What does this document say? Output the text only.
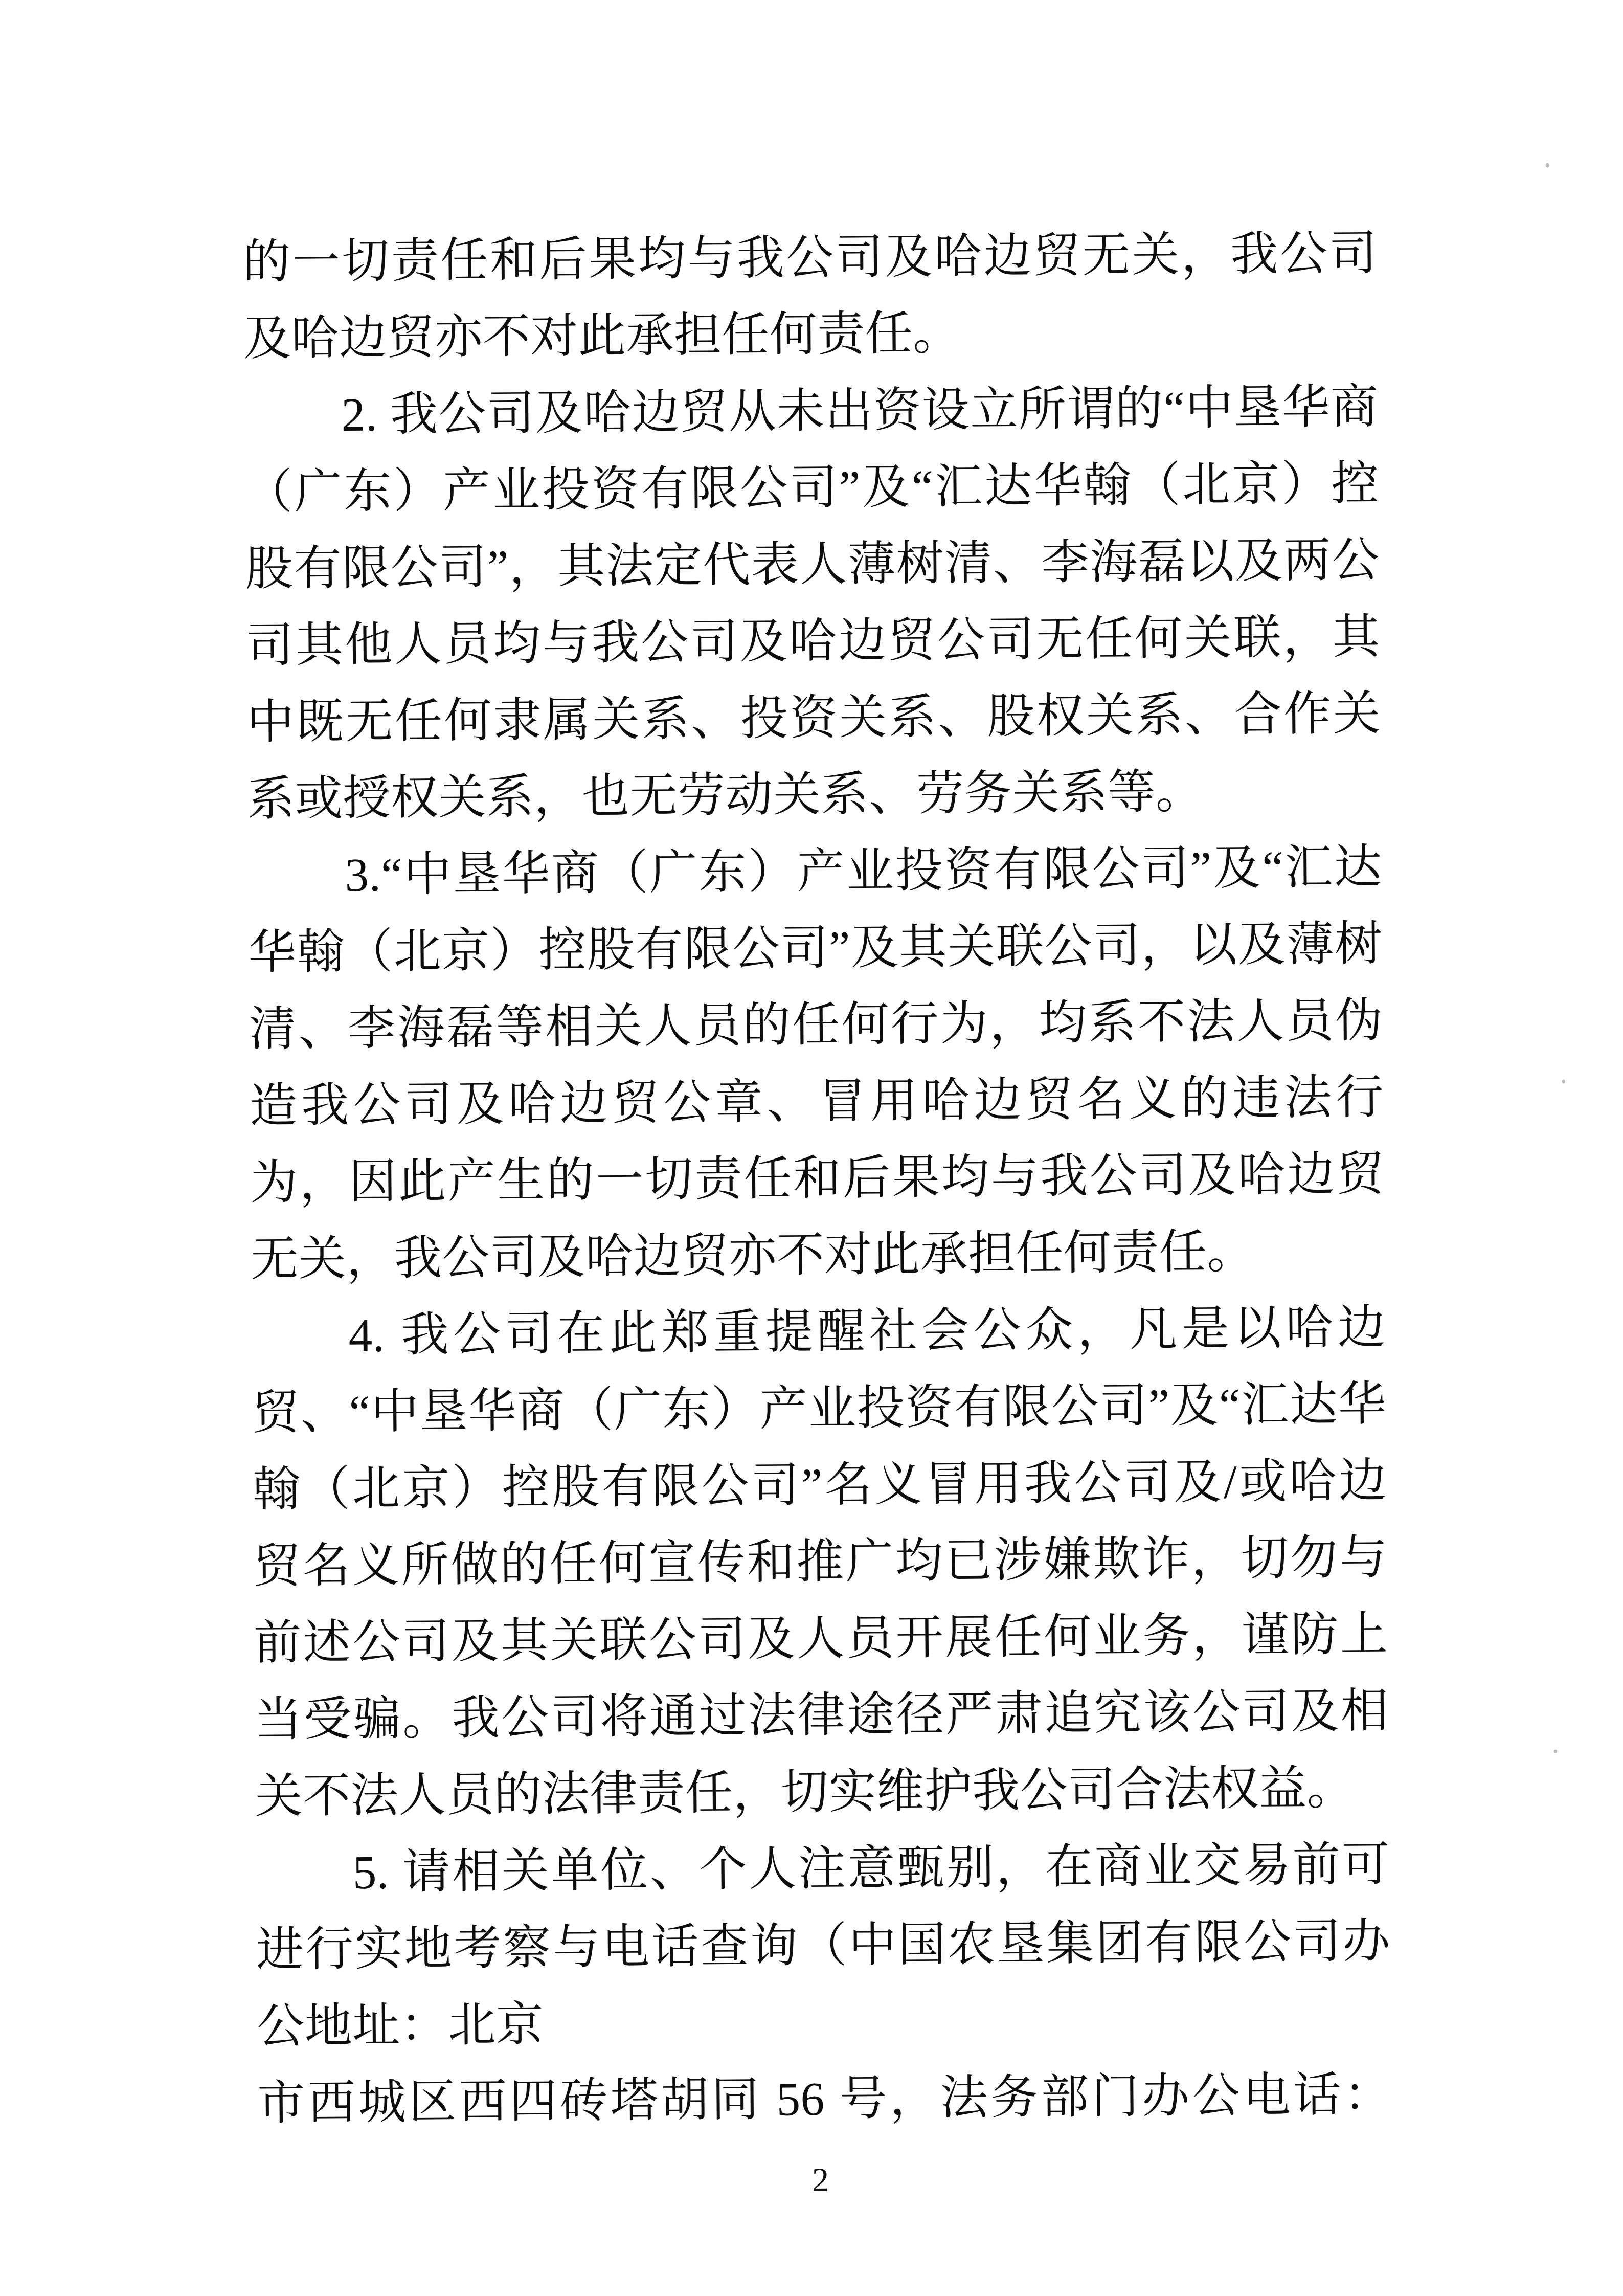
的一切责任和后果均与我公司及哈边贸无关，我公司及哈边贸亦不对此承担任何责任。

2. 我公司及哈边贸从未出资设立所谓的“中垦华商（广东）产业投资有限公司”及“汇达华翰（北京）控股有限公司”，其法定代表人薄树清、李海磊以及两公司其他人员均与我公司及哈边贸公司无任何关联，其中既无任何隶属关系、投资关系、股权关系、合作关系或授权关系，也无劳动关系、劳务关系等。

3.“中垦华商（广东）产业投资有限公司”及“汇达华翰（北京）控股有限公司”及其关联公司，以及薄树清、李海磊等相关人员的任何行为，均系不法人员伪造我公司及哈边贸公章、冒用哈边贸名义的违法行为，因此产生的一切责任和后果均与我公司及哈边贸无关，我公司及哈边贸亦不对此承担任何责任。

4. 我公司在此郑重提醒社会公众，凡是以哈边贸、“中垦华商（广东）产业投资有限公司”及“汇达华翰（北京）控股有限公司”名义冒用我公司及/或哈边贸名义所做的任何宣传和推广均已涉嫌欺诈，切勿与前述公司及其关联公司及人员开展任何业务，谨防上当受骗。我公司将通过法律途径严肃追究该公司及相关不法人员的法律责任，切实维护我公司合法权益。

5. 请相关单位、个人注意甄别，在商业交易前可进行实地考察与电话查询（中国农垦集团有限公司办公地址：北京

市西城区西四砖塔胡同 56 号，法务部门办公电话：

2
